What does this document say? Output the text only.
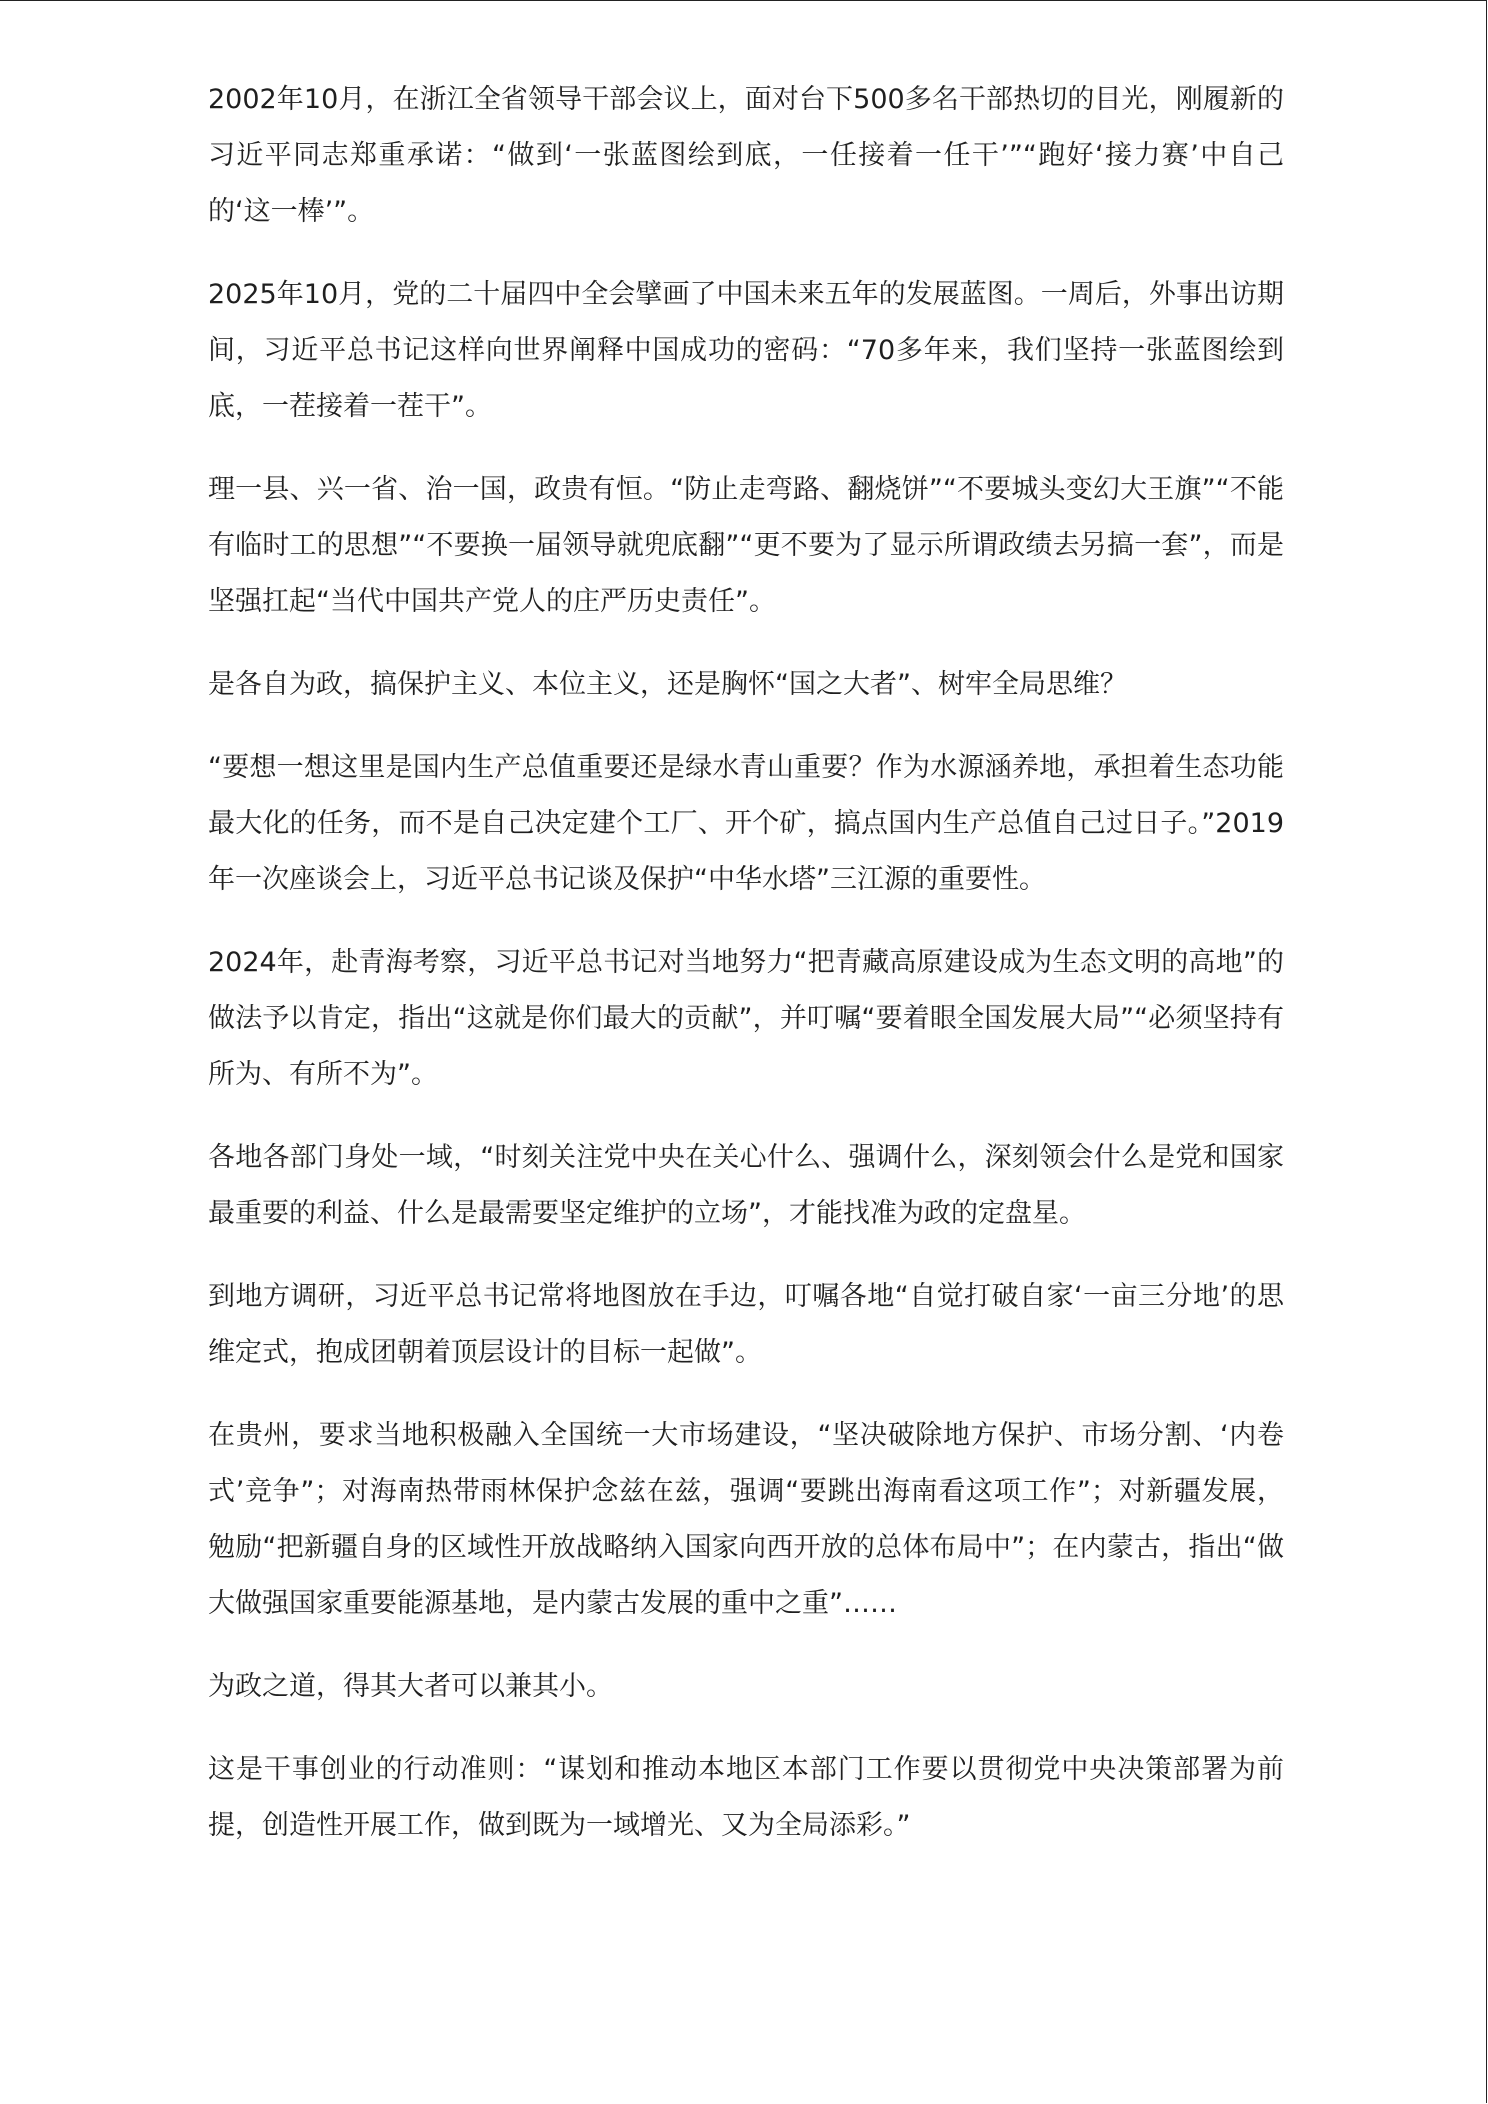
2002年10月，在浙江全省领导干部会议上，面对台下500多名干部热切的目光，刚履新的习近平同志郑重承诺：“做到‘一张蓝图绘到底，一任接着一任干’”“跑好‘接力赛’中自己的‘这一棒’”。

2025年10月，党的二十届四中全会擘画了中国未来五年的发展蓝图。一周后，外事出访期间，习近平总书记这样向世界阐释中国成功的密码：“70多年来，我们坚持一张蓝图绘到底，一茬接着一茬干”。

理一县、兴一省、治一国，政贵有恒。“防止走弯路、翻烧饼”“不要城头变幻大王旗”“不能有临时工的思想”“不要换一届领导就兜底翻”“更不要为了显示所谓政绩去另搞一套”，而是坚强扛起“当代中国共产党人的庄严历史责任”。

是各自为政，搞保护主义、本位主义，还是胸怀“国之大者”、树牢全局思维？

“要想一想这里是国内生产总值重要还是绿水青山重要？作为水源涵养地，承担着生态功能最大化的任务，而不是自己决定建个工厂、开个矿，搞点国内生产总值自己过日子。”2019年一次座谈会上，习近平总书记谈及保护“中华水塔”三江源的重要性。

2024年，赴青海考察，习近平总书记对当地努力“把青藏高原建设成为生态文明的高地”的做法予以肯定，指出“这就是你们最大的贡献”，并叮嘱“要着眼全国发展大局”“必须坚持有所为、有所不为”。

各地各部门身处一域，“时刻关注党中央在关心什么、强调什么，深刻领会什么是党和国家最重要的利益、什么是最需要坚定维护的立场”，才能找准为政的定盘星。

到地方调研，习近平总书记常将地图放在手边，叮嘱各地“自觉打破自家‘一亩三分地’的思维定式，抱成团朝着顶层设计的目标一起做”。

在贵州，要求当地积极融入全国统一大市场建设，“坚决破除地方保护、市场分割、‘内卷式’竞争”；对海南热带雨林保护念兹在兹，强调“要跳出海南看这项工作”；对新疆发展，勉励“把新疆自身的区域性开放战略纳入国家向西开放的总体布局中”；在内蒙古，指出“做大做强国家重要能源基地，是内蒙古发展的重中之重”……

为政之道，得其大者可以兼其小。

这是干事创业的行动准则：“谋划和推动本地区本部门工作要以贯彻党中央决策部署为前提，创造性开展工作，做到既为一域增光、又为全局添彩。”
